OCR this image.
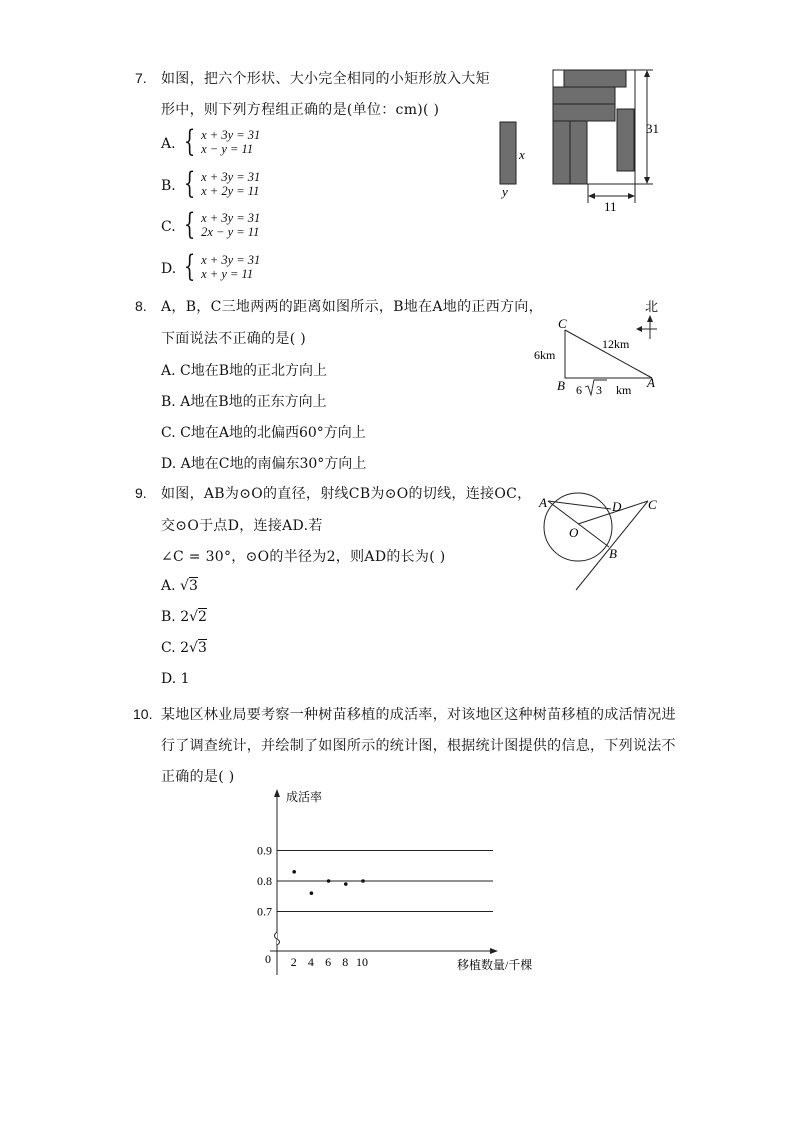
7. 如图，把六个形状、大小完全相同的小矩形放入大矩
形中，则下列方程组正确的是(单位：cm)( )
A. { x + 3y = 31
x − y = 11
B. { x + 3y = 31
x + 2y = 11
C. { x + 3y = 31
2x − y = 11
D. { x + 3y = 31
x + y = 11
x
y
31
11
8. A，B，C三地两两的距离如图所示，B地在A地的正西方向，
下面说法不正确的是( )
A. C地在B地的正北方向上
B. A地在B地的正东方向上
C. C地在A地的北偏西60°方向上
D. A地在C地的南偏东30°方向上
北
C
B	A
6km
12km
6 3 km
9. 如图，AB为⊙O的直径，射线CB为⊙O的切线，连接OC，
交⊙O于点D，连接AD.若
∠C = 30°，⊙O的半径为2，则AD的长为( )
A. √3
B. 2√2
C. 2√3
D. 1
A	D C
O
B
10. 某地区林业局要考察一种树苗移植的成活率，对该地区这种树苗移植的成活情况进
行了调查统计，并绘制了如图所示的统计图，根据统计图提供的信息，下列说法不
正确的是( )
0.7
0.8
0.9
2 4 6 8 10
成活率
移植数量/千棵
0
